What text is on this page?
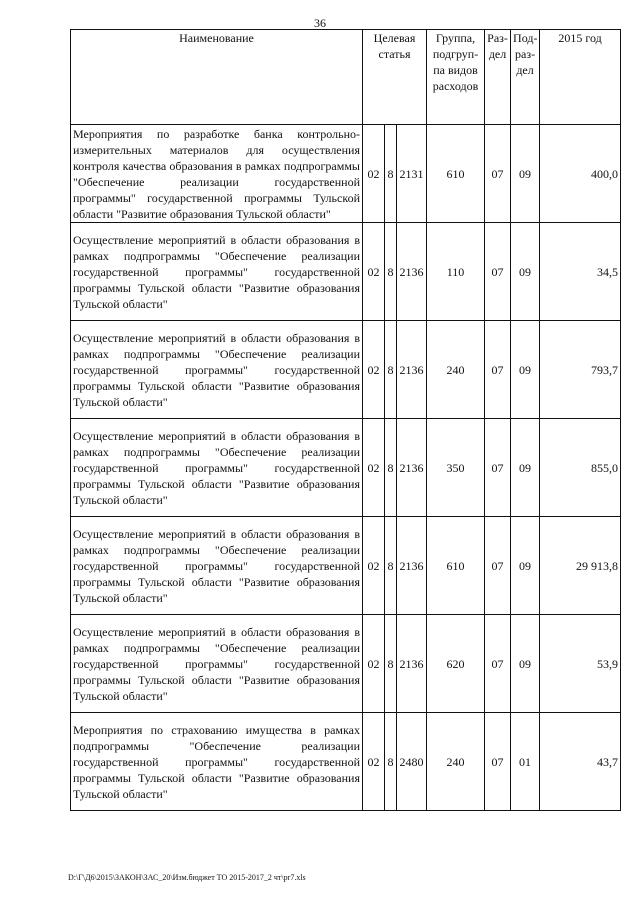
36
Наименование	Целевая статья			Группа, подгруп-па видов расходов	Раз-дел	Под-раз-дел	2015 год
Мероприятия по разработке банка контрольно-измерительных материалов для осуществления контроля качества образования в рамках подпрограммы "Обеспечение реализации государственной программы" государственной программы Тульской области "Развитие образования Тульской области"	02	8	2131	610	07	09	400,0
Осуществление мероприятий в области образования в рамках подпрограммы "Обеспечение реализации государственной программы" государственной программы Тульской области "Развитие образования Тульской области"	02	8	2136	110	07	09	34,5
Осуществление мероприятий в области образования в рамках подпрограммы "Обеспечение реализации государственной программы" государственной программы Тульской области "Развитие образования Тульской области"	02	8	2136	240	07	09	793,7
Осуществление мероприятий в области образования в рамках подпрограммы "Обеспечение реализации государственной программы" государственной программы Тульской области "Развитие образования Тульской области"	02	8	2136	350	07	09	855,0
Осуществление мероприятий в области образования в рамках подпрограммы "Обеспечение реализации государственной программы" государственной программы Тульской области "Развитие образования Тульской области"	02	8	2136	610	07	09	29 913,8
Осуществление мероприятий в области образования в рамках подпрограммы "Обеспечение реализации государственной программы" государственной программы Тульской области "Развитие образования Тульской области"	02	8	2136	620	07	09	53,9
Мероприятия по страхованию имущества в рамках подпрограммы "Обеспечение реализации государственной программы" государственной программы Тульской области "Развитие образования Тульской области"	02	8	2480	240	07	01	43,7
D:\Г\Д6\2015\ЗАКОН\ЗАС_20\Изм.бюджет ТО 2015-2017_2 чт\pr7.xls
